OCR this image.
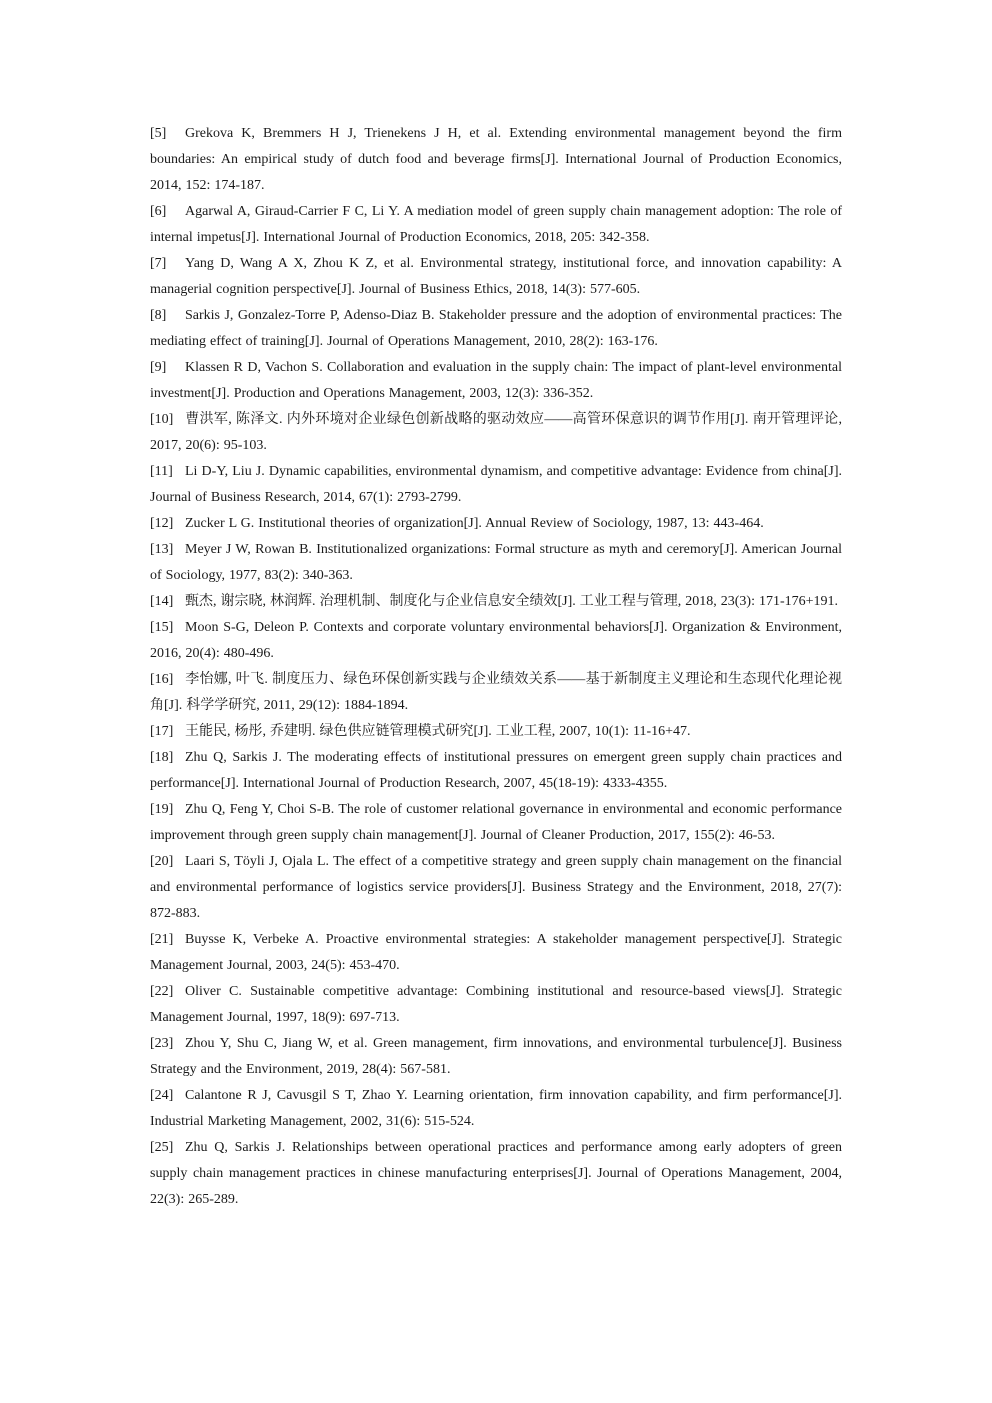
[5] Grekova K, Bremmers H J, Trienekens J H, et al. Extending environmental management beyond the firm boundaries: An empirical study of dutch food and beverage firms[J]. International Journal of Production Economics, 2014, 152: 174-187.
[6] Agarwal A, Giraud-Carrier F C, Li Y. A mediation model of green supply chain management adoption: The role of internal impetus[J]. International Journal of Production Economics, 2018, 205: 342-358.
[7] Yang D, Wang A X, Zhou K Z, et al. Environmental strategy, institutional force, and innovation capability: A managerial cognition perspective[J]. Journal of Business Ethics, 2018, 14(3): 577-605.
[8] Sarkis J, Gonzalez-Torre P, Adenso-Diaz B. Stakeholder pressure and the adoption of environmental practices: The mediating effect of training[J]. Journal of Operations Management, 2010, 28(2): 163-176.
[9] Klassen R D, Vachon S. Collaboration and evaluation in the supply chain: The impact of plant-level environmental investment[J]. Production and Operations Management, 2003, 12(3): 336-352.
[10] 曹洪军, 陈泽文. 内外环境对企业绿色创新战略的驱动效应——高管环保意识的调节作用[J]. 南开管理评论, 2017, 20(6): 95-103.
[11] Li D-Y, Liu J. Dynamic capabilities, environmental dynamism, and competitive advantage: Evidence from china[J]. Journal of Business Research, 2014, 67(1): 2793-2799.
[12] Zucker L G. Institutional theories of organization[J]. Annual Review of Sociology, 1987, 13: 443-464.
[13] Meyer J W, Rowan B. Institutionalized organizations: Formal structure as myth and ceremory[J]. American Journal of Sociology, 1977, 83(2): 340-363.
[14] 甄杰, 谢宗晓, 林润辉. 治理机制、制度化与企业信息安全绩效[J]. 工业工程与管理, 2018, 23(3): 171-176+191.
[15] Moon S-G, Deleon P. Contexts and corporate voluntary environmental behaviors[J]. Organization & Environment, 2016, 20(4): 480-496.
[16] 李怡娜, 叶飞. 制度压力、绿色环保创新实践与企业绩效关系——基于新制度主义理论和生态现代化理论视角[J]. 科学学研究, 2011, 29(12): 1884-1894.
[17] 王能民, 杨彤, 乔建明. 绿色供应链管理模式研究[J]. 工业工程, 2007, 10(1): 11-16+47.
[18] Zhu Q, Sarkis J. The moderating effects of institutional pressures on emergent green supply chain practices and performance[J]. International Journal of Production Research, 2007, 45(18-19): 4333-4355.
[19] Zhu Q, Feng Y, Choi S-B. The role of customer relational governance in environmental and economic performance improvement through green supply chain management[J]. Journal of Cleaner Production, 2017, 155(2): 46-53.
[20] Laari S, Töyli J, Ojala L. The effect of a competitive strategy and green supply chain management on the financial and environmental performance of logistics service providers[J]. Business Strategy and the Environment, 2018, 27(7): 872-883.
[21] Buysse K, Verbeke A. Proactive environmental strategies: A stakeholder management perspective[J]. Strategic Management Journal, 2003, 24(5): 453-470.
[22] Oliver C. Sustainable competitive advantage: Combining institutional and resource-based views[J]. Strategic Management Journal, 1997, 18(9): 697-713.
[23] Zhou Y, Shu C, Jiang W, et al. Green management, firm innovations, and environmental turbulence[J]. Business Strategy and the Environment, 2019, 28(4): 567-581.
[24] Calantone R J, Cavusgil S T, Zhao Y. Learning orientation, firm innovation capability, and firm performance[J]. Industrial Marketing Management, 2002, 31(6): 515-524.
[25] Zhu Q, Sarkis J. Relationships between operational practices and performance among early adopters of green supply chain management practices in chinese manufacturing enterprises[J]. Journal of Operations Management, 2004, 22(3): 265-289.
